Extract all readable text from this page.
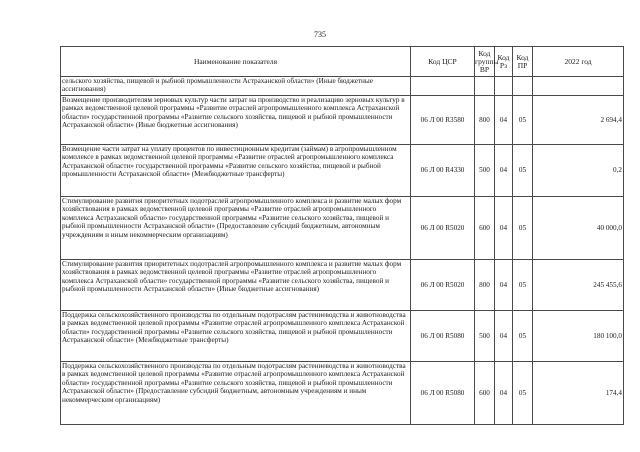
735
Наименование показателя	Код ЦСР	Код группы ВР	Код Рз	Код ПР	2022 год
сельского хозяйства, пищевой и рыбной промышленности Астраханской области» (Иные бюджетные ассигнования)					
Возмещение производителям зерновых культур части затрат на производство и реализацию зерновых культур в рамках ведомственной целевой программы «Развитие отраслей агропромышленного комплекса Астраханской области» государственной программы «Развитие сельского хозяйства, пищевой и рыбной промышленности Астраханской области» (Иные бюджетные ассигнования)	06 Л 00 R3580	800	04	05	2 694,4
Возмещение части затрат на уплату процентов по инвестиционным кредитам (займам) в агропромышленном комплексе в рамках ведомственной целевой программы «Развитие отраслей агропромышленного комплекса Астраханской области» государственной программы «Развитие сельского хозяйства, пищевой и рыбной промышленности Астраханской области» (Межбюджетные трансферты)	06 Л 00 R4330	500	04	05	0,2
Стимулирование развития приоритетных подотраслей агропромышленного комплекса и развитие малых форм хозяйствования в рамках ведомственной целевой программы «Развитие отраслей агропромышленного комплекса Астраханской области» государственной программы «Развитие сельского хозяйства, пищевой и рыбной промышленности Астраханской области» (Предоставление субсидий бюджетным, автономным учреждениям и иным некоммерческим организациям)	06 Л 00 R5020	600	04	05	40 000,0
Стимулирование развития приоритетных подотраслей агропромышленного комплекса и развитие малых форм хозяйствования в рамках ведомственной целевой программы «Развитие отраслей агропромышленного комплекса Астраханской области» государственной программы «Развитие сельского хозяйства, пищевой и рыбной промышленности Астраханской области» (Иные бюджетные ассигнования)	06 Л 00 R5020	800	04	05	245 455,6
Поддержка сельскохозяйственного производства по отдельным подотраслям растениеводства и животноводства в рамках ведомственной целевой программы «Развитие отраслей агропромышленного комплекса Астраханской области» государственной программы «Развитие сельского хозяйства, пищевой и рыбной промышленности Астраханской области» (Межбюджетные трансферты)	06 Л 00 R5080	500	04	05	180 100,0
Поддержка сельскохозяйственного производства по отдельным подотраслям растениеводства и животноводства в рамках ведомственной целевой программы «Развитие отраслей агропромышленного комплекса Астраханской области» государственной программы «Развитие сельского хозяйства, пищевой и рыбной промышленности Астраханской области» (Предоставление субсидий бюджетным, автономным учреждениям и иным некоммерческим организациям)	06 Л 00 R5080	600	04	05	174,4
